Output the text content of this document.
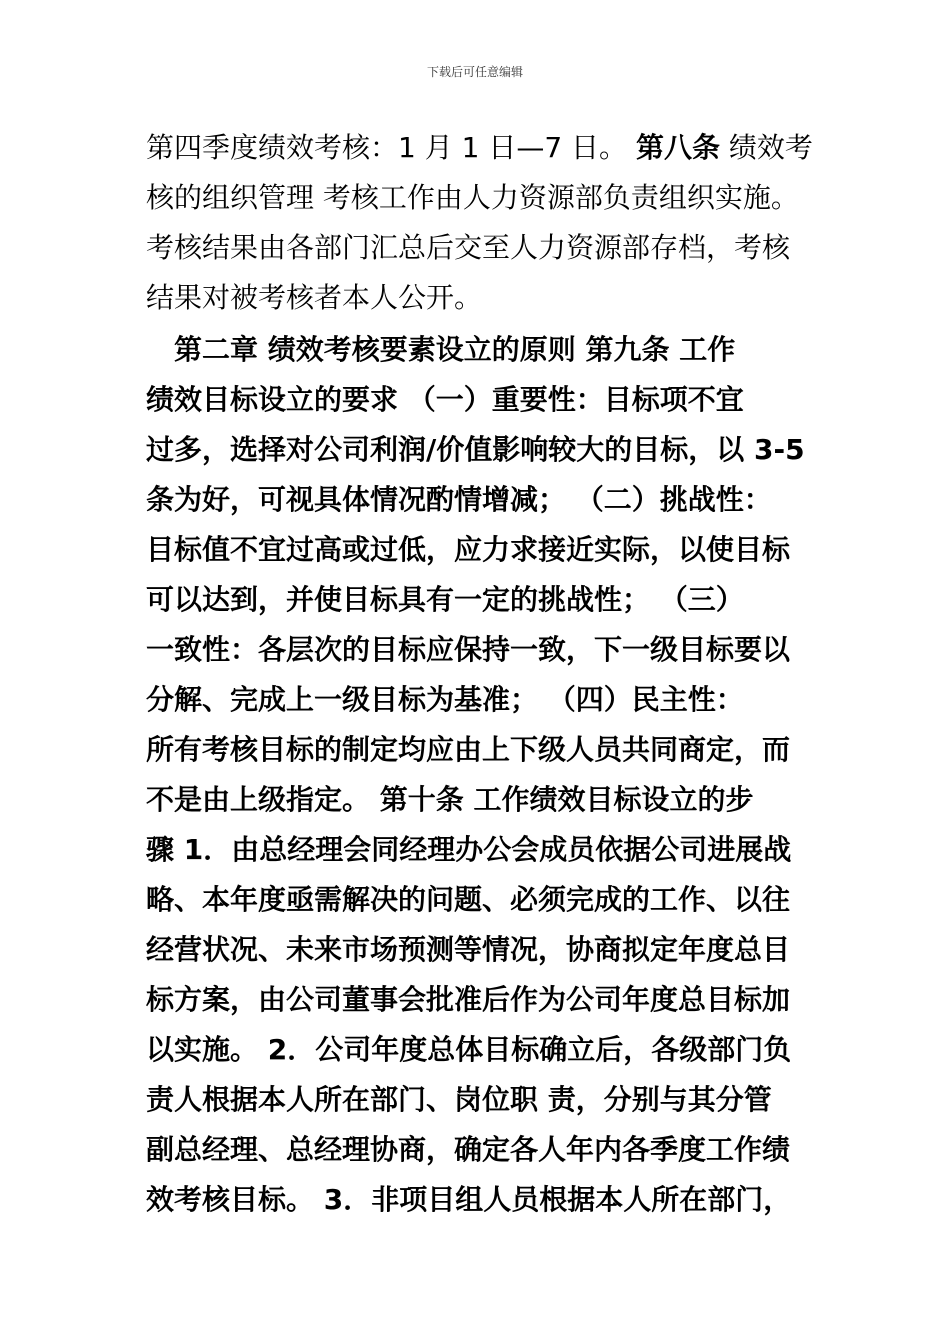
下载后可任意编辑
第四季度绩效考核：1 月 1 日—7 日。 第八条 绩效考
核的组织管理 考核工作由人力资源部负责组织实施。
考核结果由各部门汇总后交至人力资源部存档，考核
结果对被考核者本人公开。
　第二章 绩效考核要素设立的原则 第九条 工作
绩效目标设立的要求 （一）重要性：目标项不宜
过多，选择对公司利润/价值影响较大的目标，以 3-5
条为好，可视具体情况酌情增减； （二）挑战性：
目标值不宜过高或过低，应力求接近实际，以使目标
可以达到，并使目标具有一定的挑战性； （三）
一致性：各层次的目标应保持一致，下一级目标要以
分解、完成上一级目标为基准； （四）民主性：
所有考核目标的制定均应由上下级人员共同商定，而
不是由上级指定。 第十条 工作绩效目标设立的步
骤 1．由总经理会同经理办公会成员依据公司进展战
略、本年度亟需解决的问题、必须完成的工作、以往
经营状况、未来市场预测等情况，协商拟定年度总目
标方案，由公司董事会批准后作为公司年度总目标加
以实施。 2．公司年度总体目标确立后，各级部门负
责人根据本人所在部门、岗位职 责，分别与其分管
副总经理、总经理协商，确定各人年内各季度工作绩
效考核目标。 3．非项目组人员根据本人所在部门，
